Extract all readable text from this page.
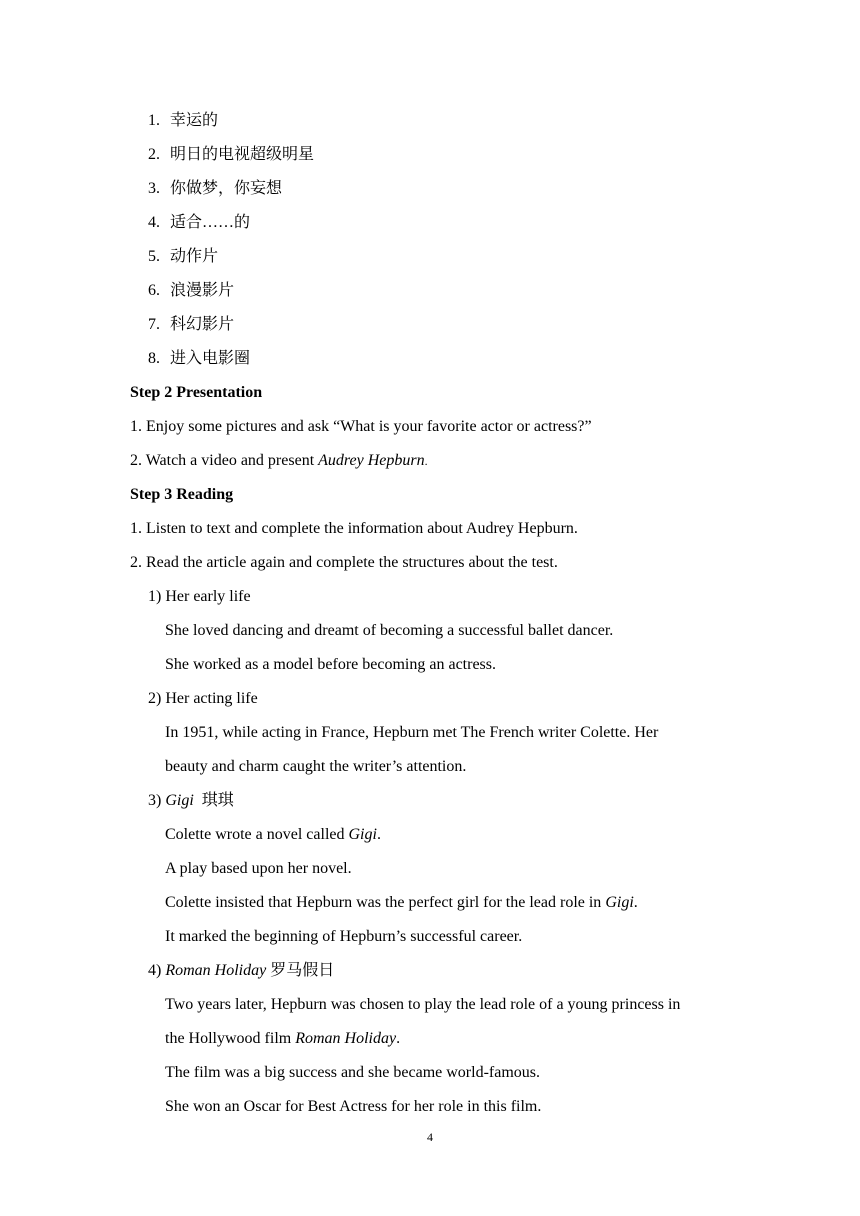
1. 幸运的
2. 明日的电视超级明星
3. 你做梦，你妄想
4. 适合……的
5. 动作片
6. 浪漫影片
7. 科幻影片
8. 进入电影圈
Step 2 Presentation
1. Enjoy some pictures and ask “What is your favorite actor or actress?”
2. Watch a video and present Audrey Hepburn.
Step 3 Reading
1. Listen to text and complete the information about Audrey Hepburn.
2. Read the article again and complete the structures about the test.
1) Her early life
She loved dancing and dreamt of becoming a successful ballet dancer.
She worked as a model before becoming an actress.
2) Her acting life
In 1951, while acting in France, Hepburn met The French writer Colette. Her
beauty and charm caught the writer’s attention.
3) Gigi 琪琪
Colette wrote a novel called Gigi.
A play based upon her novel.
Colette insisted that Hepburn was the perfect girl for the lead role in Gigi.
It marked the beginning of Hepburn’s successful career.
4) Roman Holiday 罗马假日
Two years later, Hepburn was chosen to play the lead role of a young princess in
the Hollywood film Roman Holiday.
The film was a big success and she became world-famous.
She won an Oscar for Best Actress for her role in this film.
4
